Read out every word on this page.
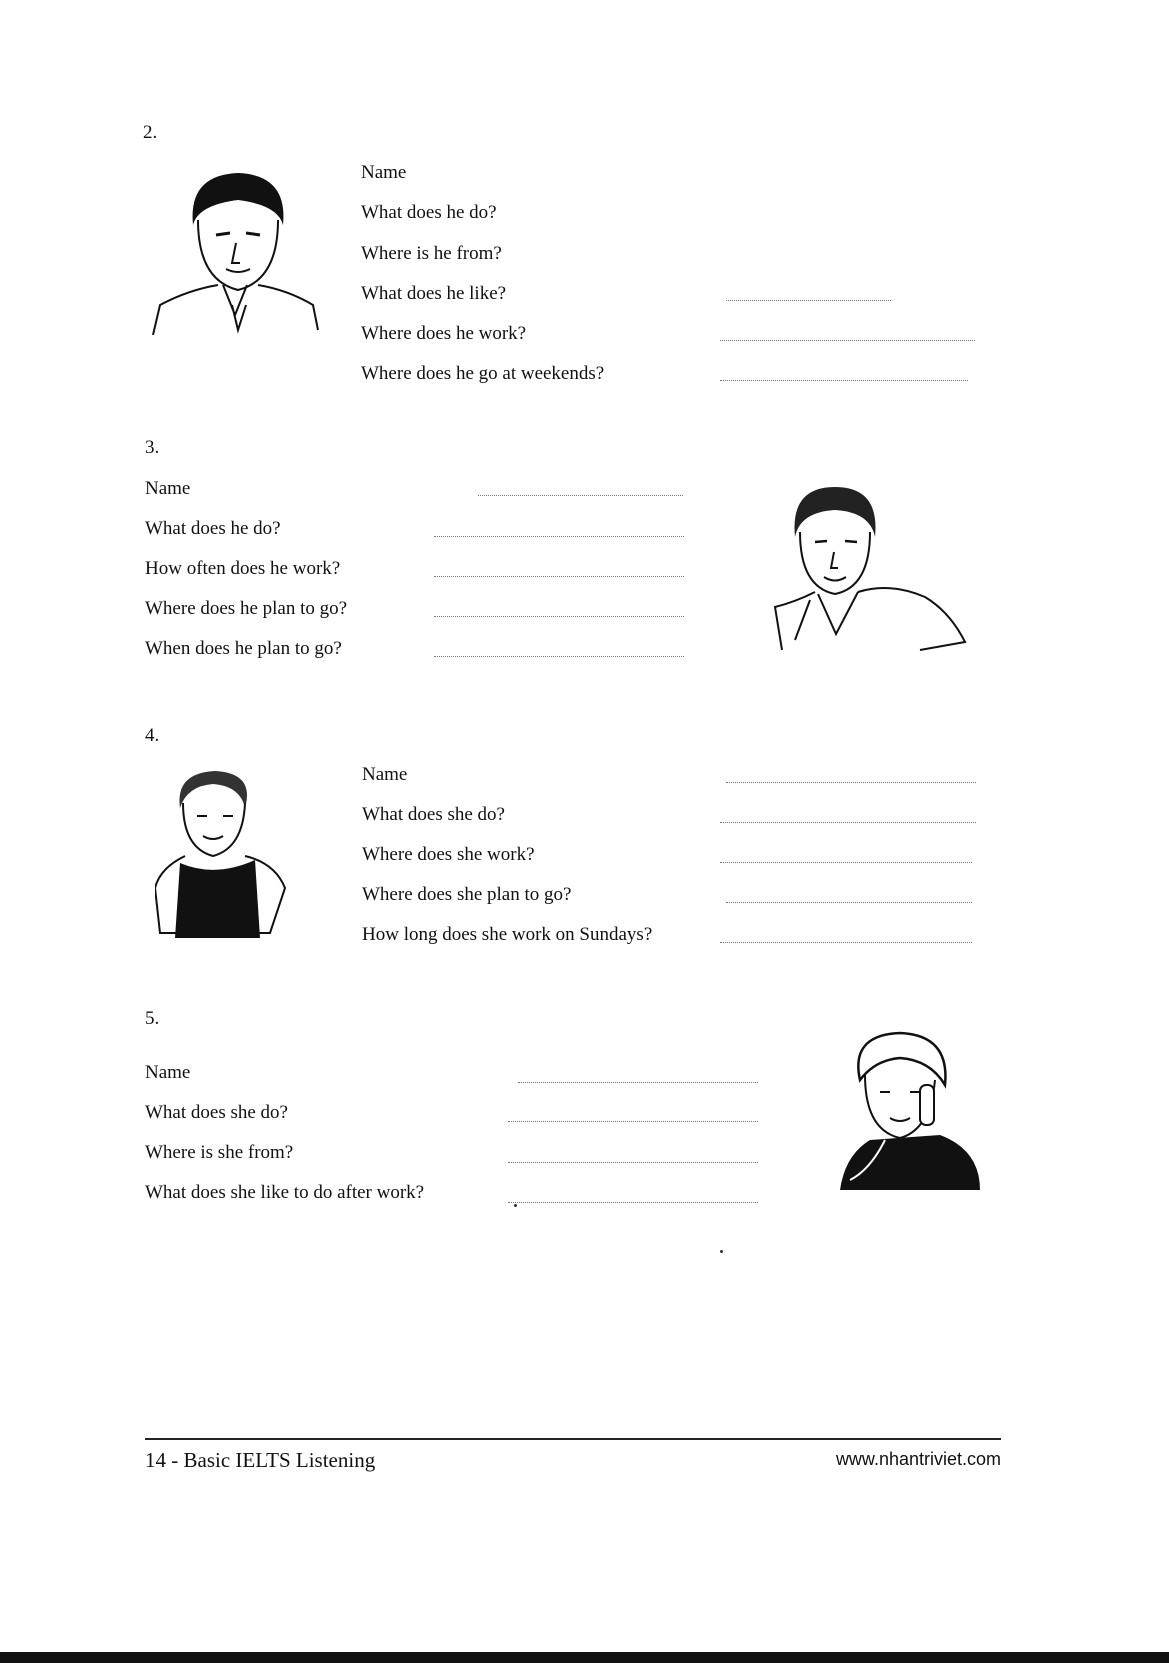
2.
Name
What does he do?
Where is he from?
What does he like?
Where does he work?
Where does he go at weekends?
3.
Name
What does he do?
How often does he work?
Where does he plan to go?
When does he plan to go?
4.
Name
What does she do?
Where does she work?
Where does she plan to go?
How long does she work on Sundays?
5.
Name
What does she do?
Where is she from?
What does she like to do after work?
14 - Basic IELTS Listening	www.nhantriviet.com
